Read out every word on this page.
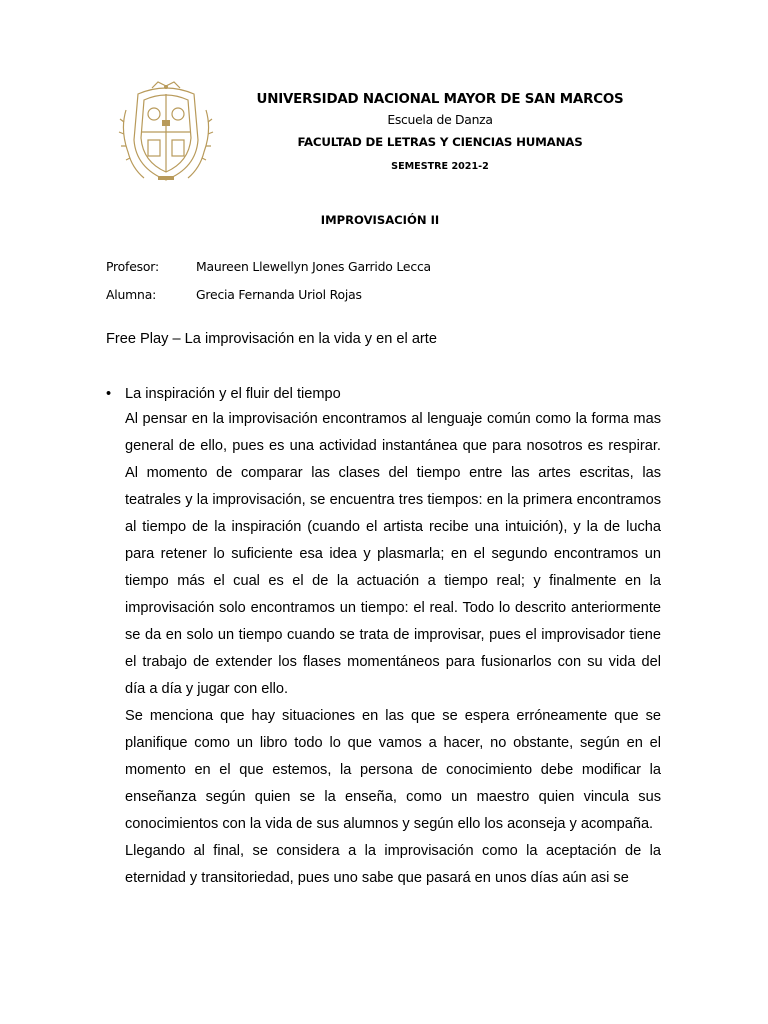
UNIVERSIDAD NACIONAL MAYOR DE SAN MARCOS
Escuela de Danza
FACULTAD DE LETRAS Y CIENCIAS HUMANAS
SEMESTRE 2021-2
IMPROVISACIÓN II
Profesor:	Maureen Llewellyn Jones Garrido Lecca
Alumna:	Grecia Fernanda Uriol Rojas
Free Play – La improvisación en la vida y en el arte
• La inspiración y el fluir del tiempo

Al pensar en la improvisación encontramos al lenguaje común como la forma mas general de ello, pues es una actividad instantánea que para nosotros es respirar. Al momento de comparar las clases del tiempo entre las artes escritas, las teatrales y la improvisación, se encuentra tres tiempos: en la primera encontramos al tiempo de la inspiración (cuando el artista recibe una intuición), y la de lucha para retener lo suficiente esa idea y plasmarla; en el segundo encontramos un tiempo más el cual es el de la actuación a tiempo real; y finalmente en la improvisación solo encontramos un tiempo: el real. Todo lo descrito anteriormente se da en solo un tiempo cuando se trata de improvisar, pues el improvisador tiene el trabajo de extender los flases momentáneos para fusionarlos con su vida del día a día y jugar con ello.

Se menciona que hay situaciones en las que se espera erróneamente que se planifique como un libro todo lo que vamos a hacer, no obstante, según en el momento en el que estemos, la persona de conocimiento debe modificar la enseñanza según quien se la enseña, como un maestro quien vincula sus conocimientos con la vida de sus alumnos y según ello los aconseja y acompaña.

Llegando al final, se considera a la improvisación como la aceptación de la eternidad y transitoriedad, pues uno sabe que pasará en unos días aún asi se
